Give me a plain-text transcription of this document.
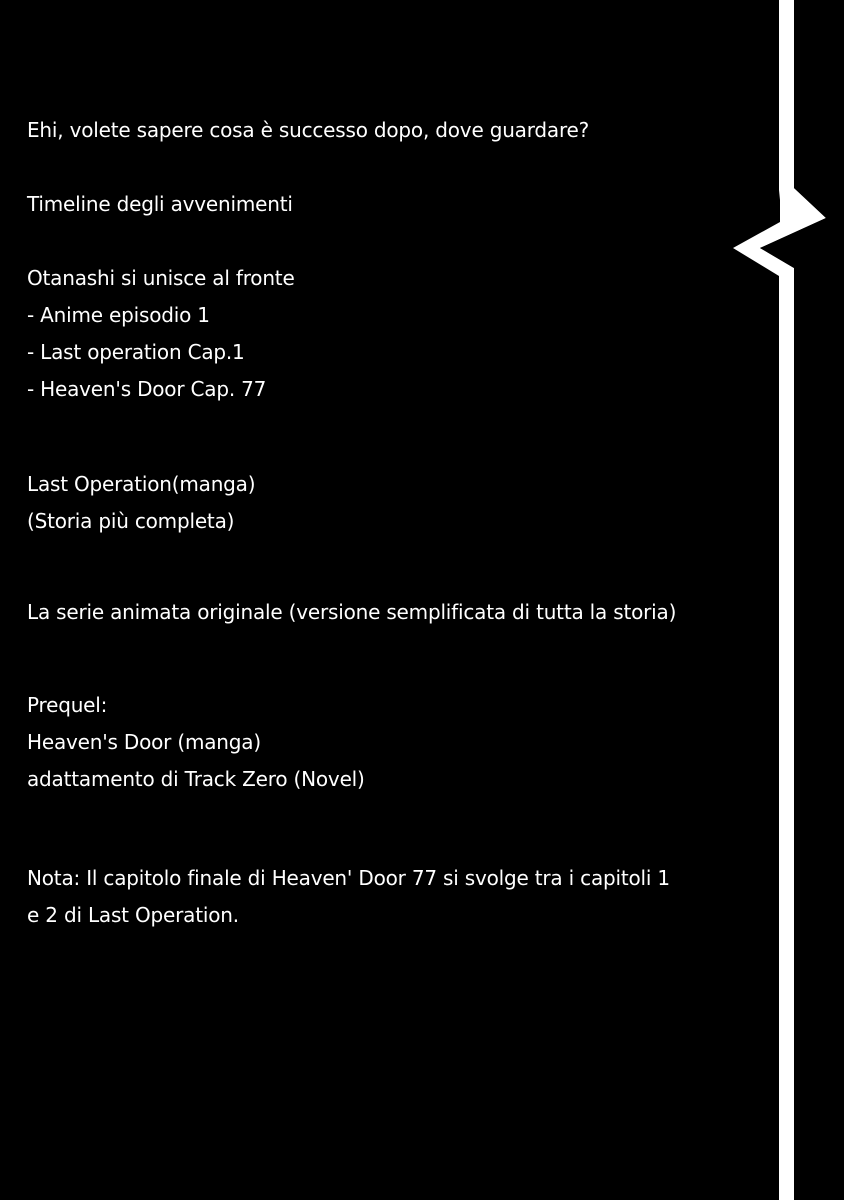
Ehi, volete sapere cosa è successo dopo, dove guardare?
Timeline degli avvenimenti
Otanashi si unisce al fronte
- Anime episodio 1
- Last operation Cap.1
- Heaven's Door Cap. 77
Last Operation(manga)
(Storia più completa)
La serie animata originale (versione semplificata di tutta la storia)
Prequel:
Heaven's Door (manga)
adattamento di Track Zero (Novel)
Nota: Il capitolo finale di Heaven' Door 77 si svolge tra i capitoli 1
e 2 di Last Operation.
